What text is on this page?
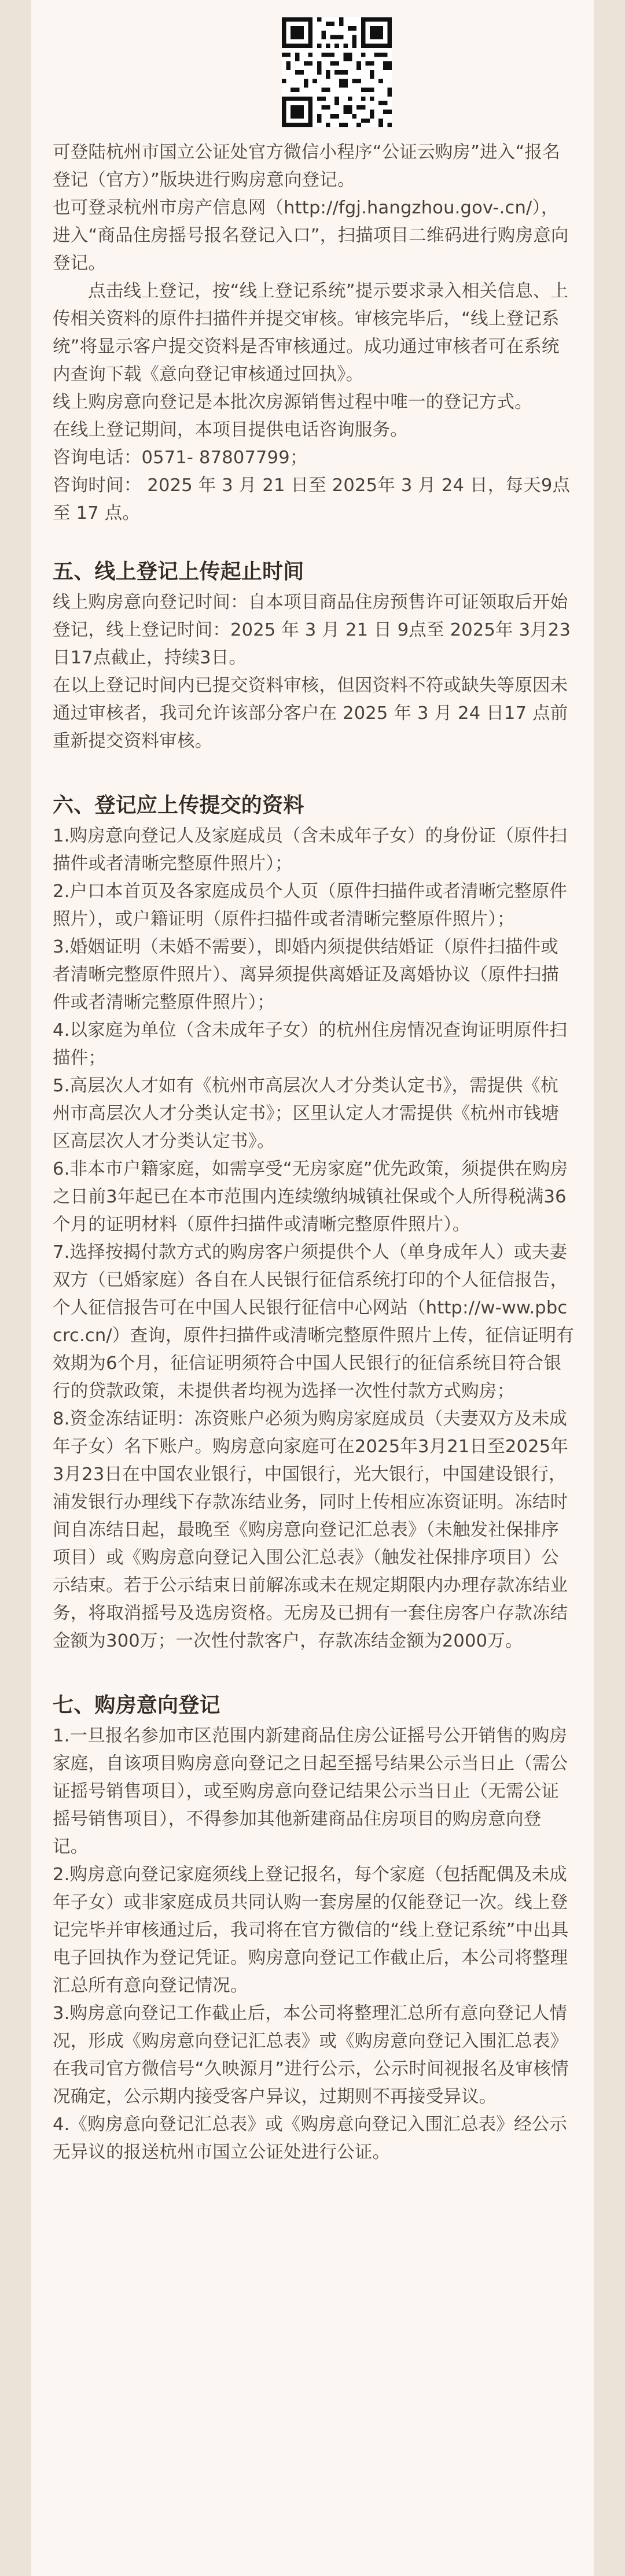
可登陆杭州市国立公证处官方微信小程序“公证云购房”进入“报名登记（官方）”版块进行购房意向登记。

也可登录杭州市房产信息网（http://fgj.hangzhou.gov-.cn/），进入“商品住房摇号报名登记入口”，扫描项目二维码进行购房意向登记。

点击线上登记，按“线上登记系统”提示要求录入相关信息、上传相关资料的原件扫描件并提交审核。审核完毕后，“线上登记系统”将显示客户提交资料是否审核通过。成功通过审核者可在系统内查询下载《意向登记审核通过回执》。

线上购房意向登记是本批次房源销售过程中唯一的登记方式。

在线上登记期间，本项目提供电话咨询服务。

咨询电话：0571- 87807799；

咨询时间： 2025 年 3 月 21 日至 2025年 3 月 24 日，每天9点至 17 点。

五、线上登记上传起止时间

线上购房意向登记时间：自本项目商品住房预售许可证领取后开始登记，线上登记时间：2025 年 3 月 21 日 9点至 2025年 3月23 日17点截止，持续3日。

在以上登记时间内已提交资料审核，但因资料不符或缺失等原因未通过审核者，我司允许该部分客户在 2025 年 3 月 24 日17 点前重新提交资料审核。

六、登记应上传提交的资料

1.购房意向登记人及家庭成员（含未成年子女）的身份证（原件扫描件或者清晰完整原件照片）；

2.户口本首页及各家庭成员个人页（原件扫描件或者清晰完整原件照片），或户籍证明（原件扫描件或者清晰完整原件照片）；

3.婚姻证明（未婚不需要），即婚内须提供结婚证（原件扫描件或者清晰完整原件照片）、离异须提供离婚证及离婚协议（原件扫描件或者清晰完整原件照片）；

4.以家庭为单位（含未成年子女）的杭州住房情况查询证明原件扫描件；

5.高层次人才如有《杭州市高层次人才分类认定书》，需提供《杭州市高层次人才分类认定书》；区里认定人才需提供《杭州市钱塘区高层次人才分类认定书》。

6.非本市户籍家庭，如需享受“无房家庭”优先政策，须提供在购房之日前3年起已在本市范围内连续缴纳城镇社保或个人所得税满36个月的证明材料（原件扫描件或清晰完整原件照片）。

7.选择按揭付款方式的购房客户须提供个人（单身成年人）或夫妻双方（已婚家庭）各自在人民银行征信系统打印的个人征信报告，个人征信报告可在中国人民银行征信中心网站（http://w-ww.pbccrc.cn/）查询，原件扫描件或清晰完整原件照片上传，征信证明有效期为6个月，征信证明须符合中国人民银行的征信系统目符合银行的贷款政策，未提供者均视为选择一次性付款方式购房；

8.资金冻结证明：冻资账户必须为购房家庭成员（夫妻双方及未成年子女）名下账户。购房意向家庭可在2025年3月21日至2025年3月23日在中国农业银行，中国银行，光大银行，中国建设银行，浦发银行办理线下存款冻结业务，同时上传相应冻资证明。冻结时间自冻结日起，最晚至《购房意向登记汇总表》（未触发社保排序项目）或《购房意向登记入围公汇总表》（触发社保排序项目）公示结束。若于公示结束日前解冻或未在规定期限内办理存款冻结业务，将取消摇号及选房资格。无房及已拥有一套住房客户存款冻结金额为300万；一次性付款客户，存款冻结金额为2000万。

七、购房意向登记

1.一旦报名参加市区范围内新建商品住房公证摇号公开销售的购房家庭，自该项目购房意向登记之日起至摇号结果公示当日止（需公证摇号销售项目），或至购房意向登记结果公示当日止（无需公证摇号销售项目），不得参加其他新建商品住房项目的购房意向登记。

2.购房意向登记家庭须线上登记报名，每个家庭（包括配偶及未成年子女）或非家庭成员共同认购一套房屋的仅能登记一次。线上登记完毕并审核通过后，我司将在官方微信的“线上登记系统”中出具电子回执作为登记凭证。购房意向登记工作截止后，本公司将整理汇总所有意向登记情况。

3.购房意向登记工作截止后，本公司将整理汇总所有意向登记人情况，形成《购房意向登记汇总表》或《购房意向登记入围汇总表》在我司官方微信号“久映源月”进行公示，公示时间视报名及审核情况确定，公示期内接受客户异议，过期则不再接受异议。

4.《购房意向登记汇总表》或《购房意向登记入围汇总表》经公示无异议的报送杭州市国立公证处进行公证。
